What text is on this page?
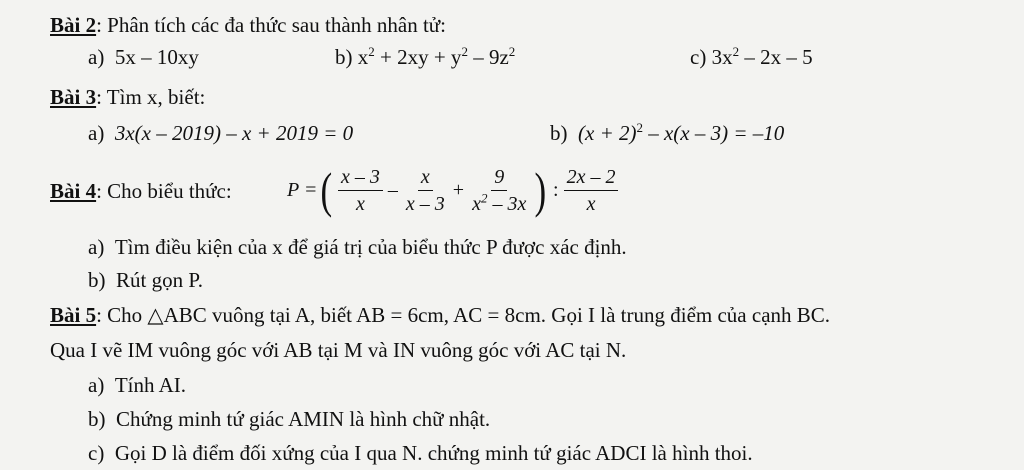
Bài 2: Phân tích các đa thức sau thành nhân tử:
a) 5x – 10xy	b) $x^2 + 2xy + y^2 - 9z^2$	c) $3x^2 - 2x - 5$
Bài 3: Tìm x, biết:
a) 3x(x – 2019) – x + 2019 = 0	b) $(x + 2)^2 - x(x - 3) = -10$
Bài 4: Cho biểu thức:	P = ( $\frac{x - 3}{x} - \frac{x}{x - 3} + \frac{9}{x^2 - 3x}$ ) : $\frac{2x - 2}{x}$
a) Tìm điều kiện của x để giá trị của biểu thức P được xác định.
b) Rút gọn P.
Bài 5: Cho △ABC vuông tại A, biết AB = 6cm, AC = 8cm. Gọi I là trung điểm của cạnh BC.
Qua I vẽ IM vuông góc với AB tại M và IN vuông góc với AC tại N.
a) Tính AI.
b) Chứng minh tứ giác AMIN là hình chữ nhật.
c) Gọi D là điểm đối xứng của I qua N. chứng minh tứ giác ADCI là hình thoi.
